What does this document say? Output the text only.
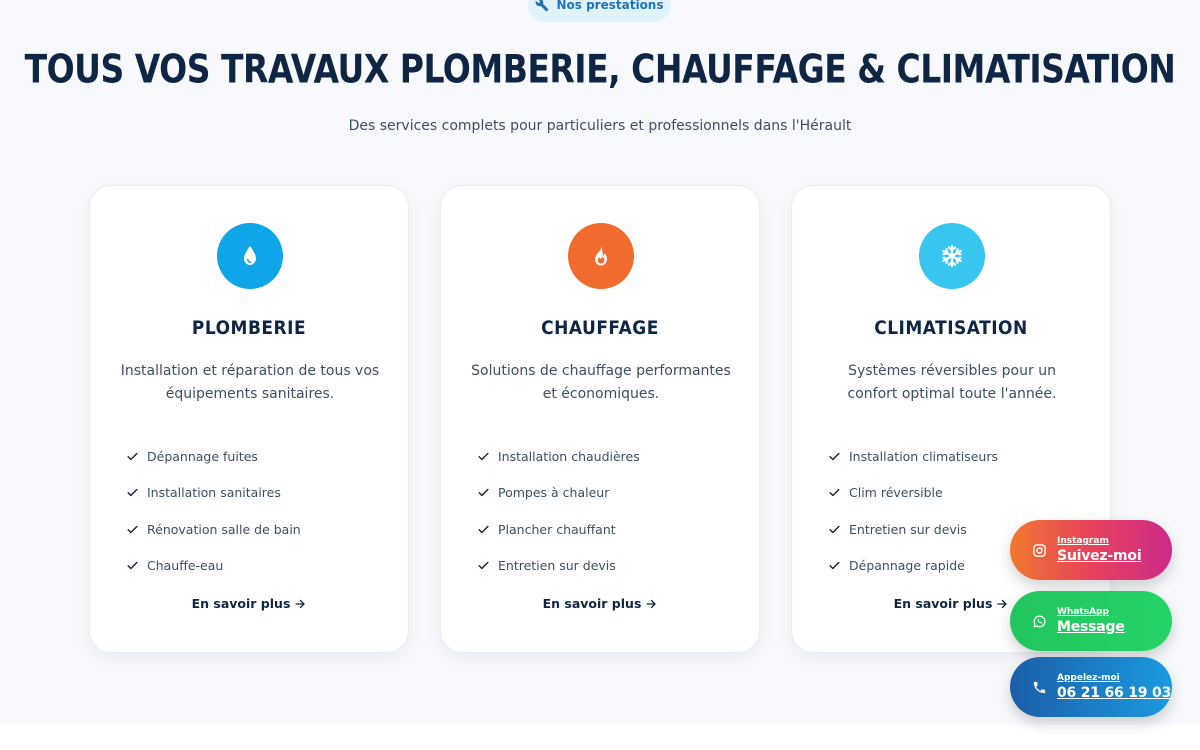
Nos prestations
TOUS VOS TRAVAUX PLOMBERIE, CHAUFFAGE & CLIMATISATION

Des services complets pour particuliers et professionnels dans l'Hérault

PLOMBERIE

Installation et réparation de tous vos équipements sanitaires.

Dépannage fuites
Installation sanitaires
Rénovation salle de bain
Chauffe-eau
En savoir plus
CHAUFFAGE

Solutions de chauffage performantes et économiques.

Installation chaudières
Pompes à chaleur
Plancher chauffant
Entretien sur devis
En savoir plus
CLIMATISATION

Systèmes réversibles pour un confort optimal toute l'année.

Installation climatiseurs
Clim réversible
Entretien sur devis
Dépannage rapide
En savoir plus
Instagram
Suivez-moi
WhatsApp
Message
Appelez-moi
06 21 66 19 03
